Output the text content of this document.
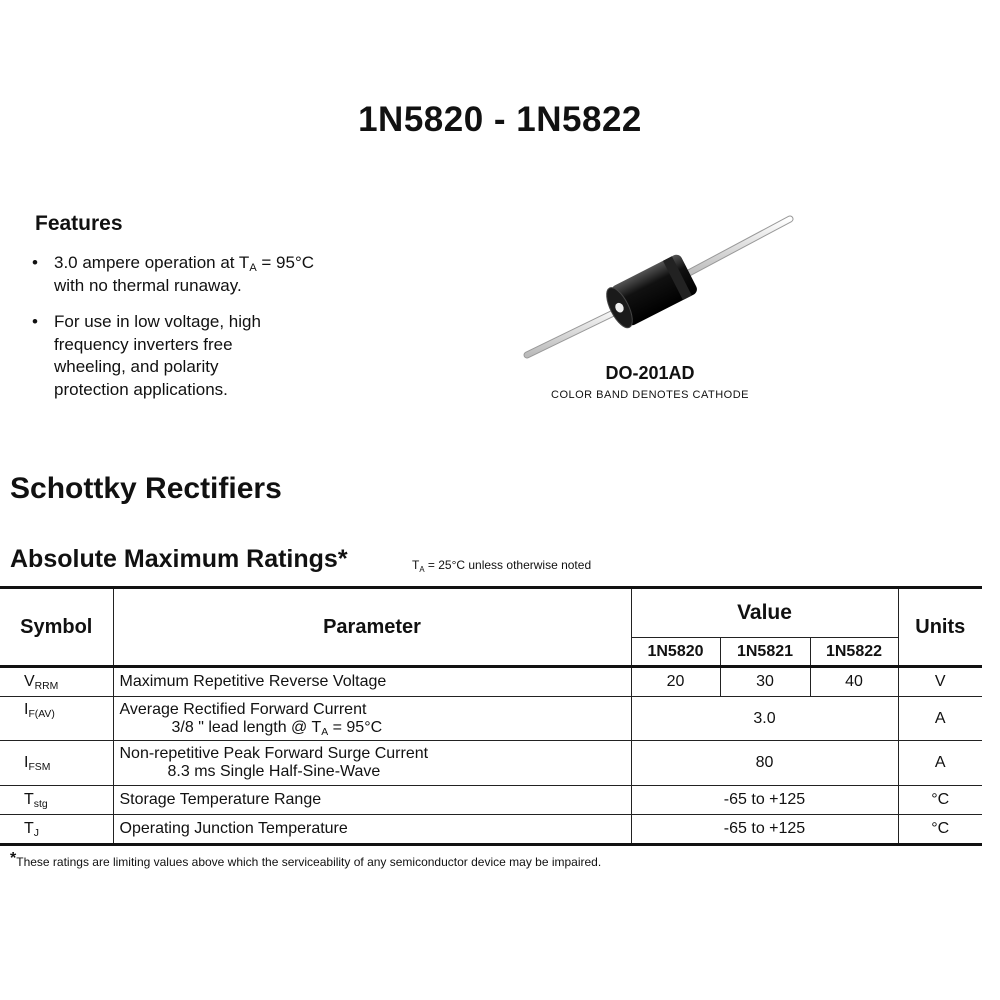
1N5820 - 1N5822
Features
• 3.0 ampere operation at $T_A = 95^\circ C$
with no thermal runaway.
• For use in low voltage, high
frequency inverters free
wheeling, and polarity
protection applications.
DO-201AD
COLOR BAND DENOTES CATHODE
Schottky Rectifiers
Absolute Maximum Ratings*	$T_A = 25^\circ C$ unless otherwise noted
Symbol	Parameter	Value			Units
		1N5820	1N5821	1N5822	
$V_{RRM}$	Maximum Repetitive Reverse Voltage	20	30	40	V
$I_{F(AV)}$	Average Rectified Forward Current
3/8 " lead length @ $T_A = 95^\circ C$	3.0			A
$I_{FSM}$	Non-repetitive Peak Forward Surge Current
8.3 ms Single Half-Sine-Wave	80			A
$T_{stg}$	Storage Temperature Range	-65 to +125			°C
$T_J$	Operating Junction Temperature	-65 to +125			°C
*These ratings are limiting values above which the serviceability of any semiconductor device may be impaired.
